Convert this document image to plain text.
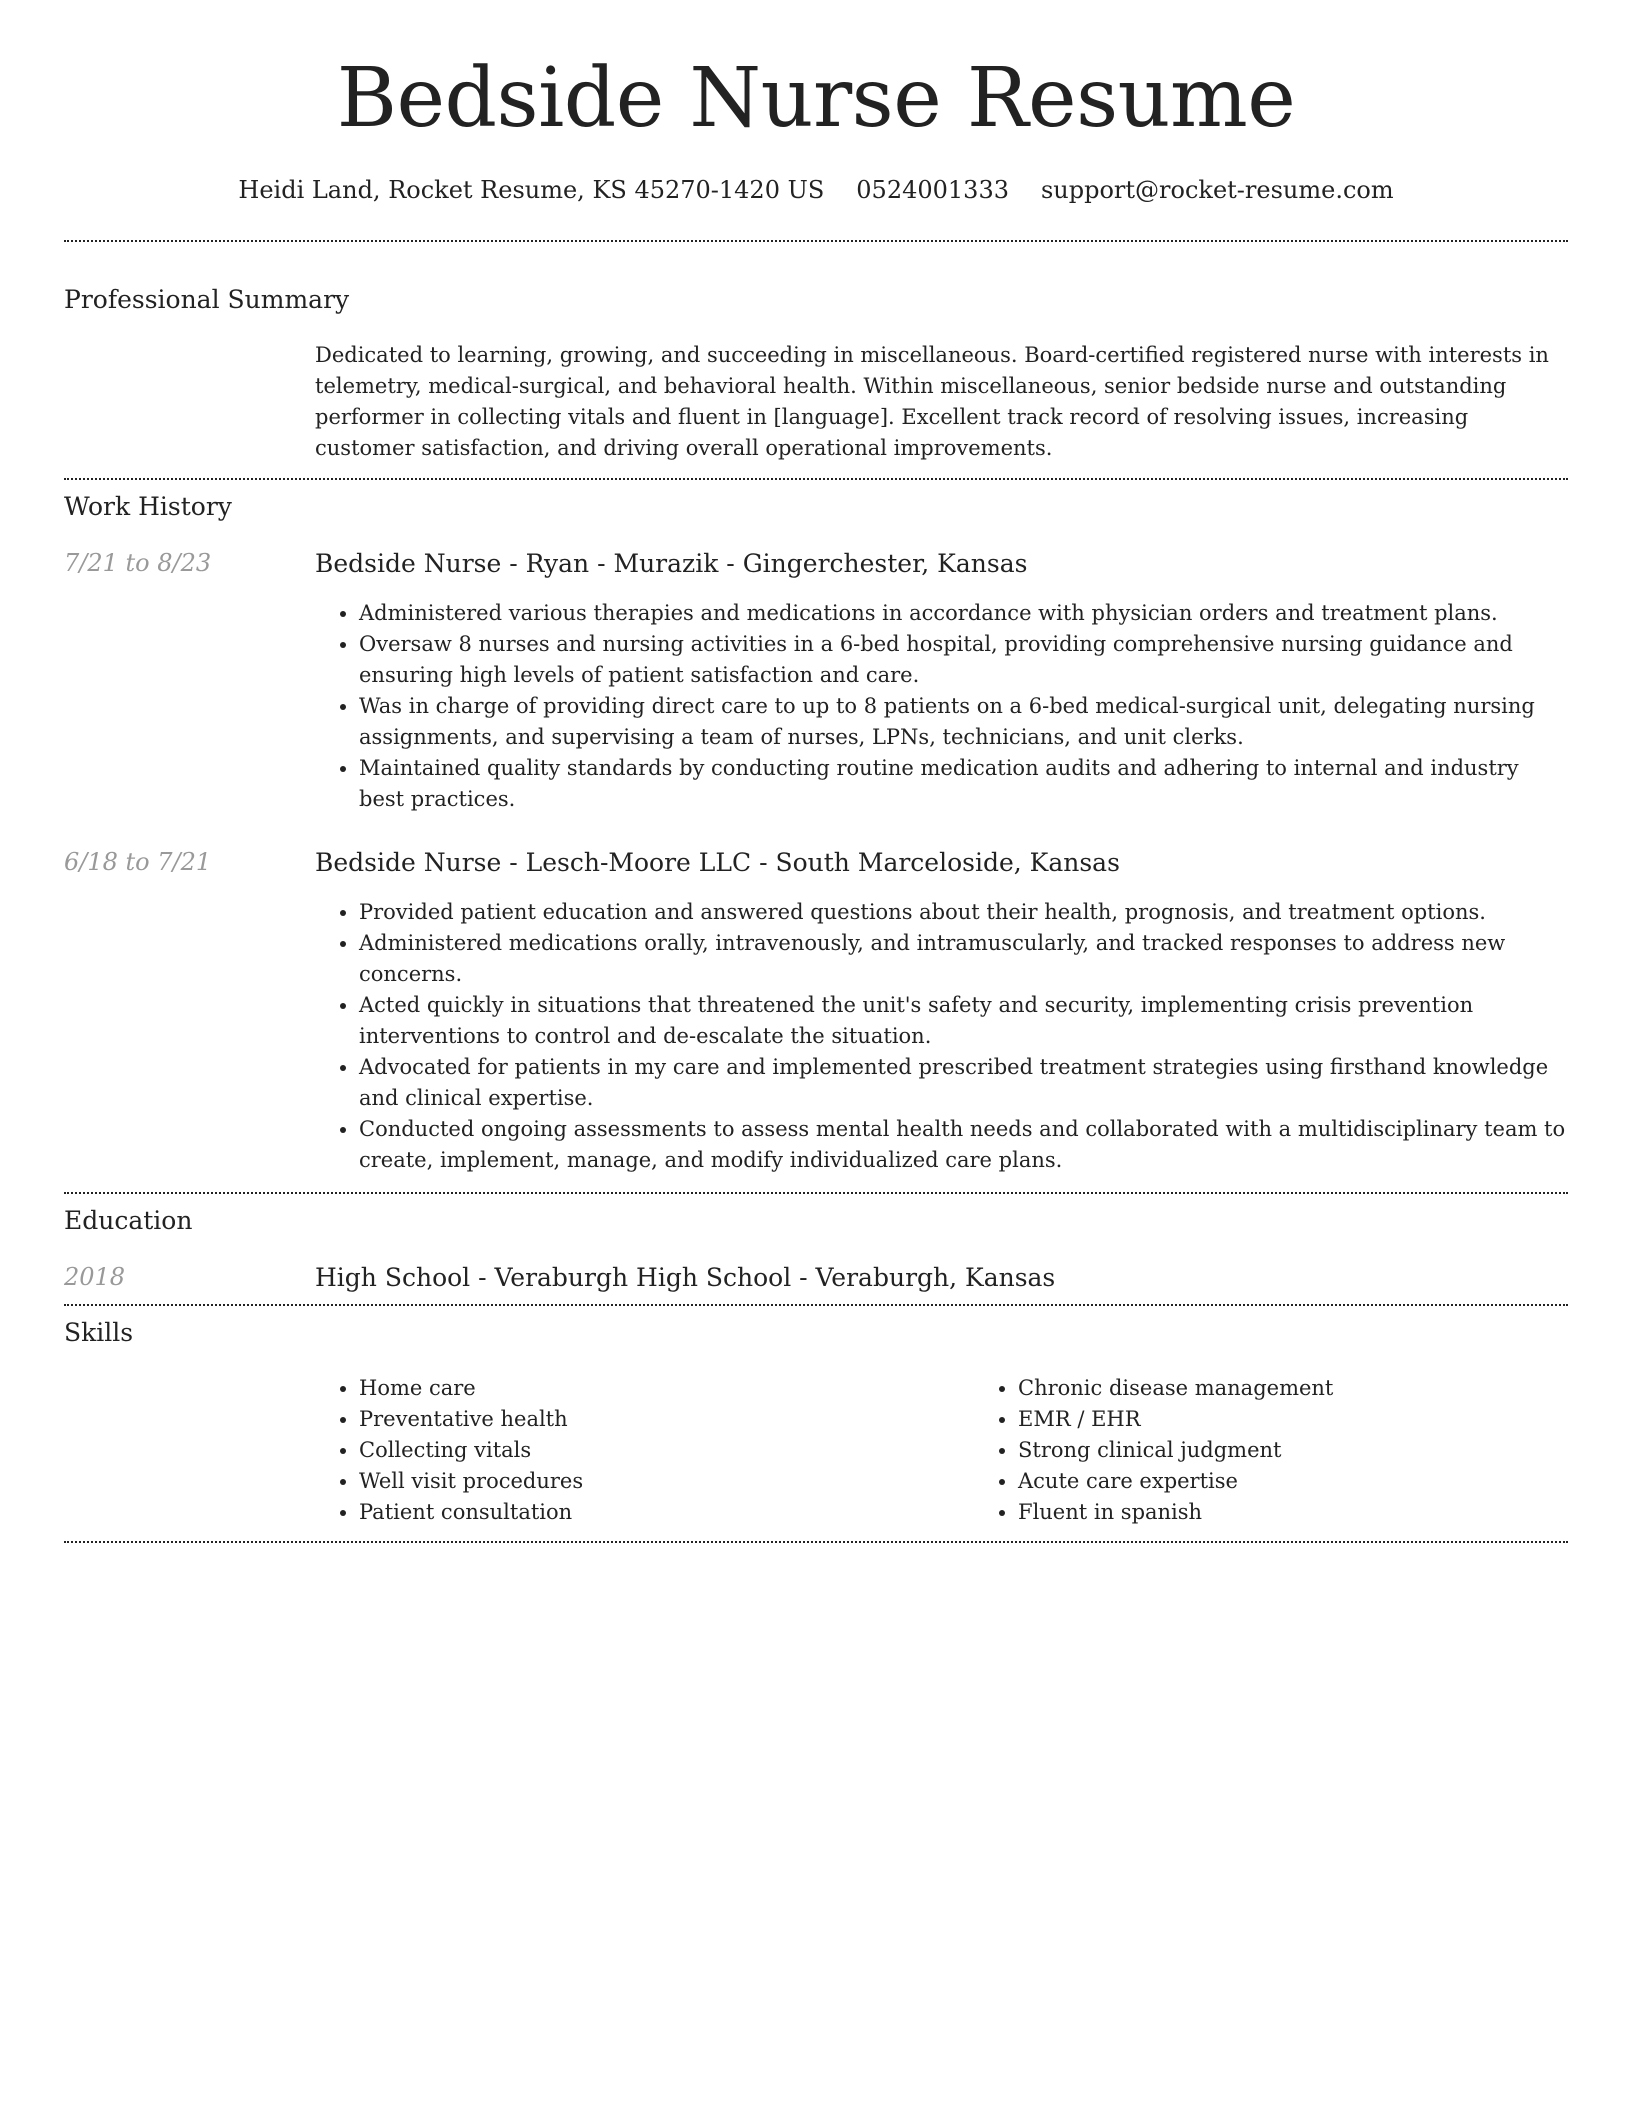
Bedside Nurse Resume
Heidi Land, Rocket Resume, KS 45270-1420 US 0524001333 support@rocket-resume.com
Professional Summary
Dedicated to learning, growing, and succeeding in miscellaneous. Board-certified registered nurse with interests in telemetry, medical-surgical, and behavioral health. Within miscellaneous, senior bedside nurse and outstanding performer in collecting vitals and fluent in [language]. Excellent track record of resolving issues, increasing customer satisfaction, and driving overall operational improvements.
Work History
7/21 to 8/23	Bedside Nurse - Ryan - Murazik - Gingerchester, Kansas
• Administered various therapies and medications in accordance with physician orders and treatment plans.
• Oversaw 8 nurses and nursing activities in a 6-bed hospital, providing comprehensive nursing guidance and ensuring high levels of patient satisfaction and care.
• Was in charge of providing direct care to up to 8 patients on a 6-bed medical-surgical unit, delegating nursing assignments, and supervising a team of nurses, LPNs, technicians, and unit clerks.
• Maintained quality standards by conducting routine medication audits and adhering to internal and industry best practices.
6/18 to 7/21	Bedside Nurse - Lesch-Moore LLC - South Marceloside, Kansas
• Provided patient education and answered questions about their health, prognosis, and treatment options.
• Administered medications orally, intravenously, and intramuscularly, and tracked responses to address new concerns.
• Acted quickly in situations that threatened the unit's safety and security, implementing crisis prevention interventions to control and de-escalate the situation.
• Advocated for patients in my care and implemented prescribed treatment strategies using firsthand knowledge and clinical expertise.
• Conducted ongoing assessments to assess mental health needs and collaborated with a multidisciplinary team to create, implement, manage, and modify individualized care plans.
Education
2018	High School - Veraburgh High School - Veraburgh, Kansas
Skills
• Home care
• Preventative health
• Collecting vitals
• Well visit procedures
• Patient consultation
• Chronic disease management
• EMR / EHR
• Strong clinical judgment
• Acute care expertise
• Fluent in spanish
